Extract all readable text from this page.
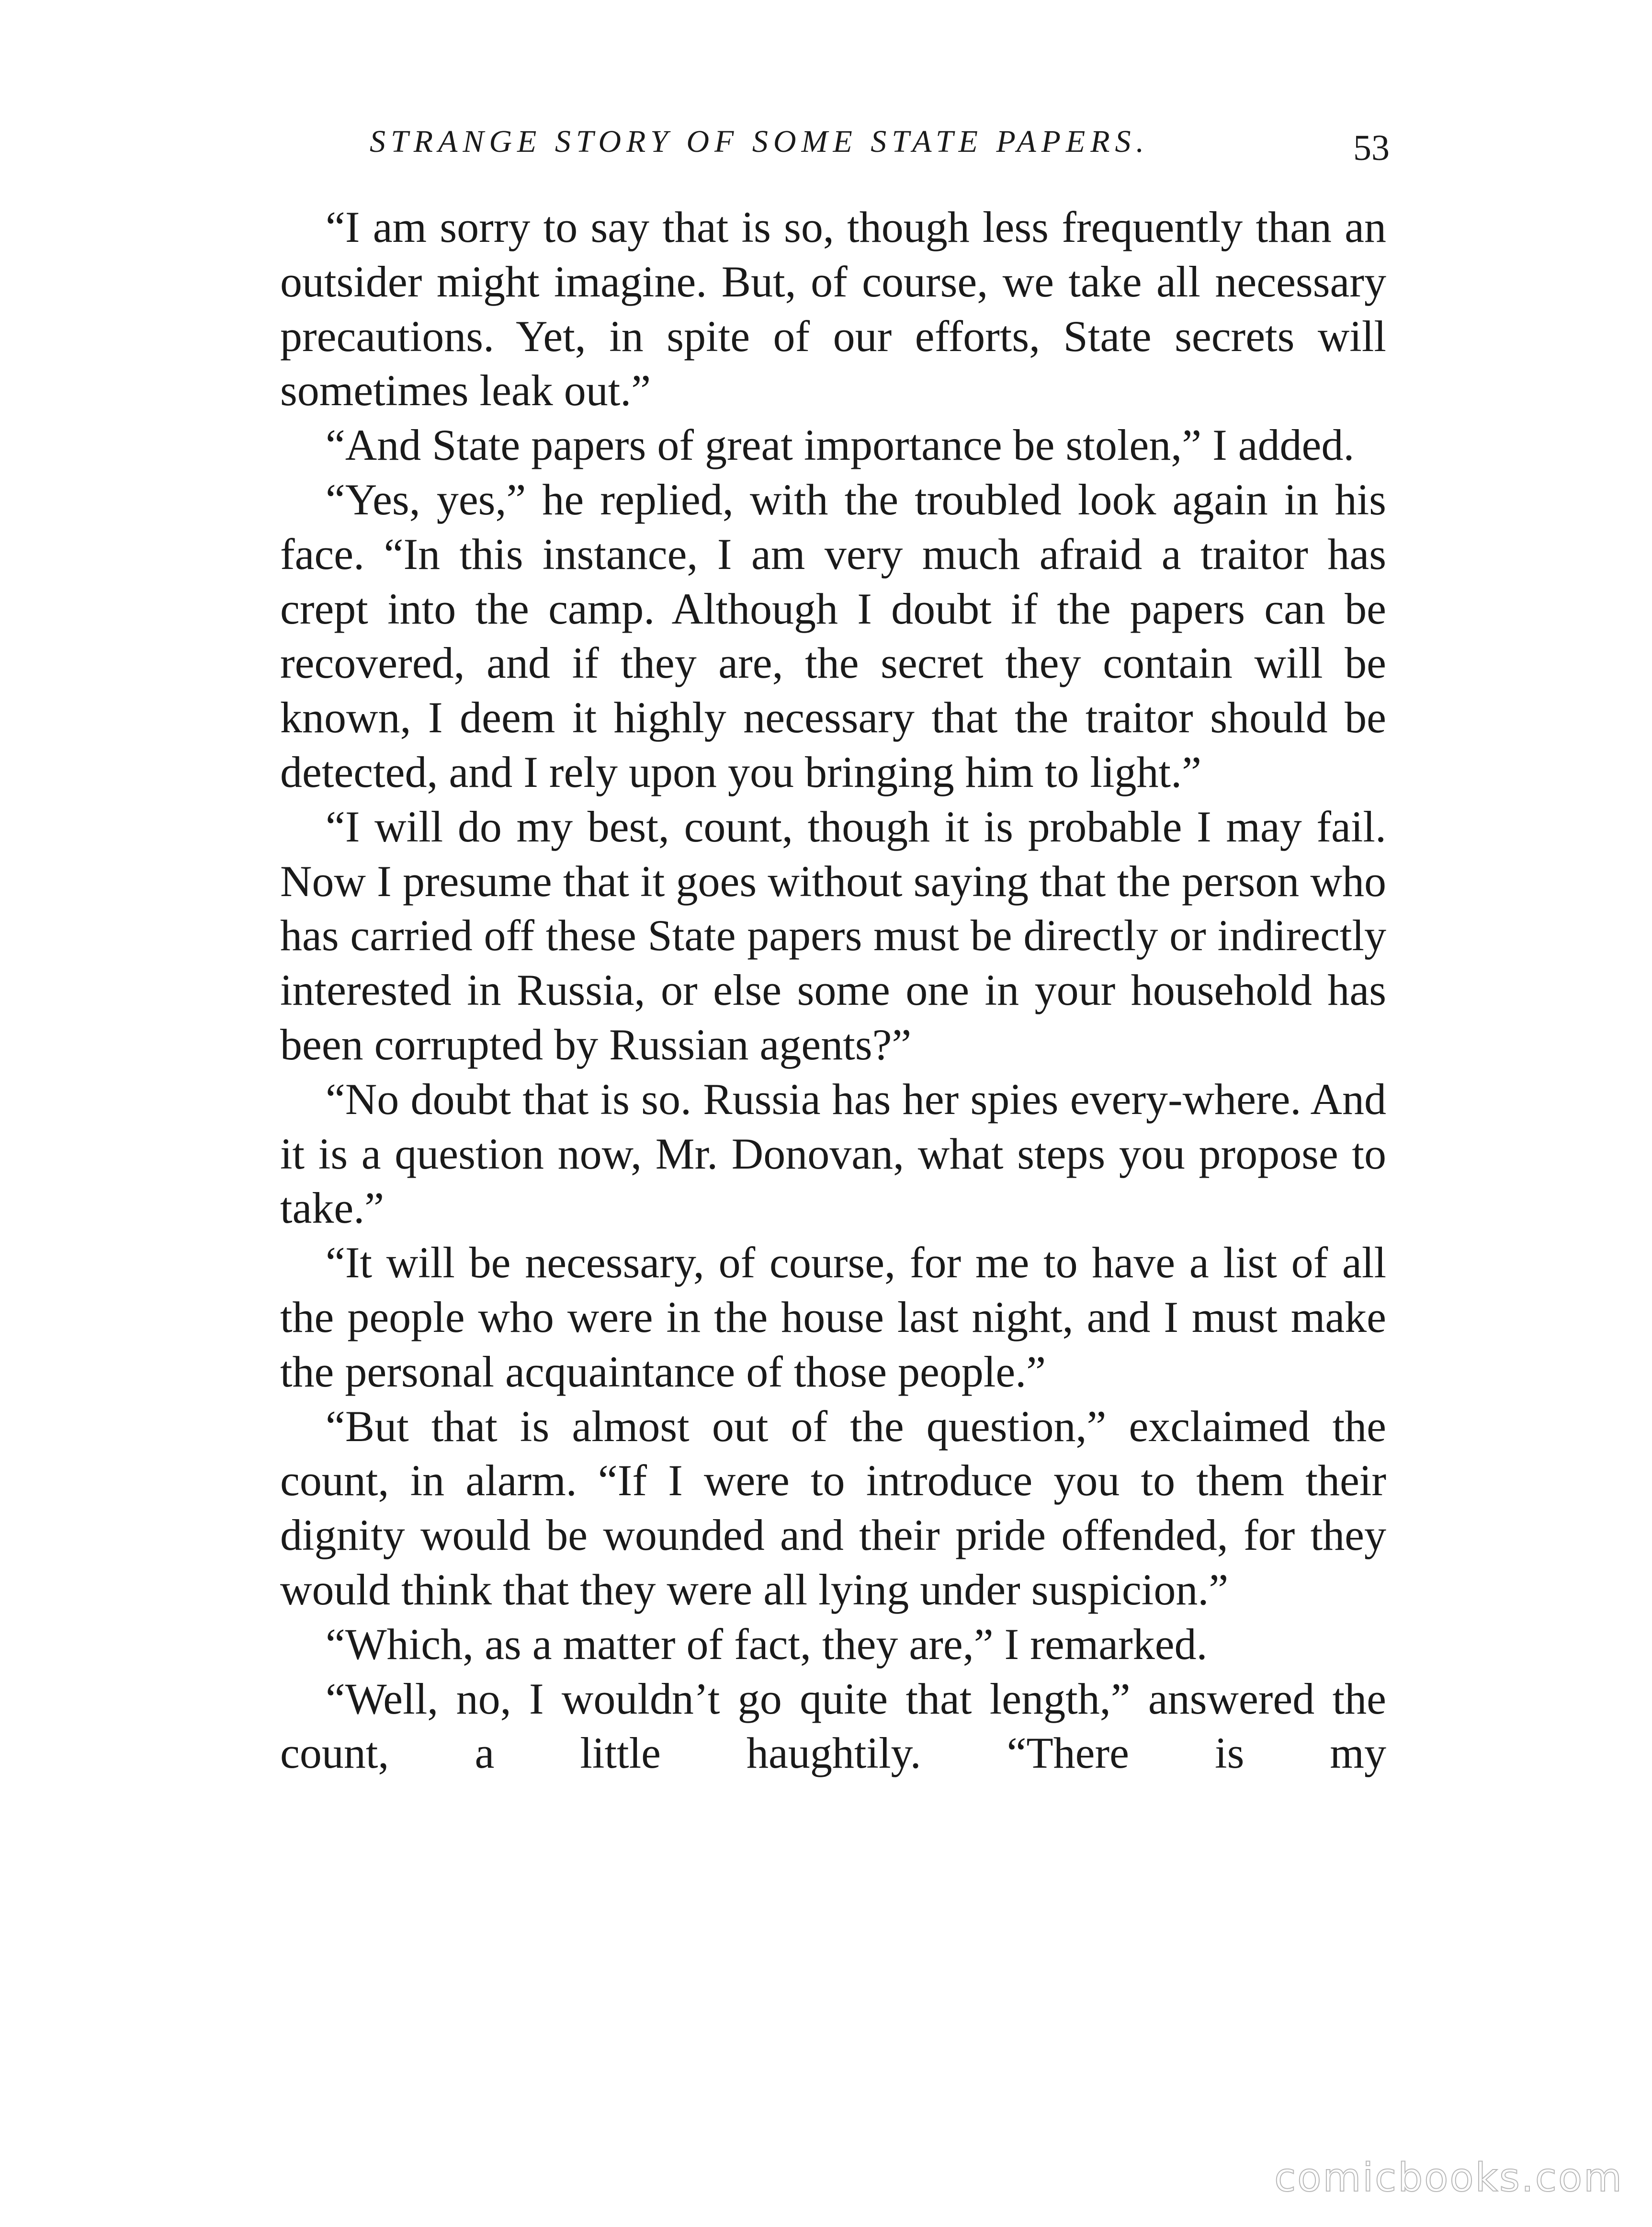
STRANGE STORY OF SOME STATE PAPERS.	53

“I am sorry to say that is so, though less frequently than an outsider might imagine. But, of course, we take all necessary precautions. Yet, in spite of our efforts, State secrets will sometimes leak out.”

“And State papers of great importance be stolen,” I added.

“Yes, yes,” he replied, with the troubled look again in his face. “In this instance, I am very much afraid a traitor has crept into the camp. Although I doubt if the papers can be recovered, and if they are, the secret they contain will be known, I deem it highly necessary that the traitor should be detected, and I rely upon you bringing him to light.”

“I will do my best, count, though it is probable I may fail. Now I presume that it goes without saying that the person who has carried off these State papers must be directly or indirectly interested in Russia, or else some one in your household has been corrupted by Russian agents?”

“No doubt that is so. Russia has her spies every-where. And it is a question now, Mr. Donovan, what steps you propose to take.”

“It will be necessary, of course, for me to have a list of all the people who were in the house last night, and I must make the personal acquaintance of those people.”

“But that is almost out of the question,” exclaimed the count, in alarm. “If I were to introduce you to them their dignity would be wounded and their pride offended, for they would think that they were all lying under suspicion.”

“Which, as a matter of fact, they are,” I remarked.

“Well, no, I wouldn’t go quite that length,” answered the count, a little haughtily. “There is my

comicbooks.com
